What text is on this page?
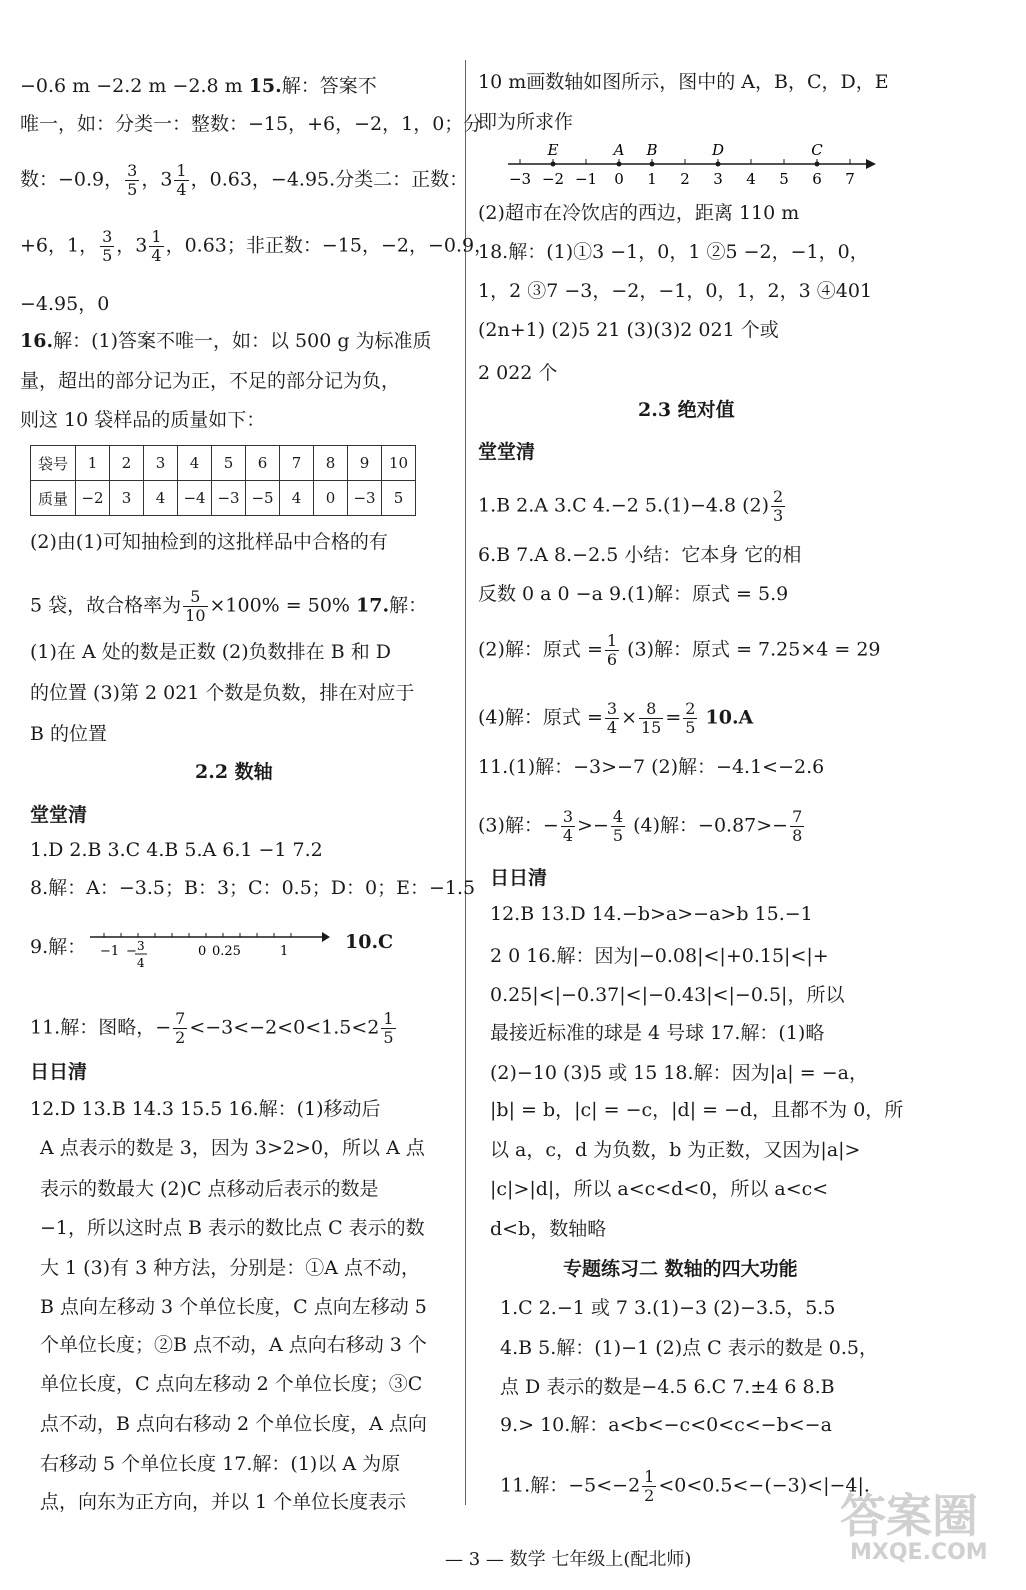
−0.6 m −2.2 m −2.8 m 15.解：答案不
唯一，如：分类一：整数：−15，+6，−2，1，0；分
数：−0.9， $\frac{3}{5}$ ，$3 \frac{1}{4}$ ，0.63，−4.95.分类二：正数：
+6，1， $\frac{3}{5}$ ，$3 \frac{1}{4}$ ，0.63；非正数：−15，−2，−0.9，
−4.95，0
16.解：(1)答案不唯一，如：以 500 g 为标准质
量，超出的部分记为正，不足的部分记为负，
则这 10 袋样品的质量如下：
袋号	1	2	3	4	5	6	7	8	9	10
质量	−2	3	4	−4	−3	−5	4	0	−3	5
(2)由(1)可知抽检到的这批样品中合格的有
5 袋，故合格率为 $\frac{5}{10} \times 100\% = 50\%$ 17.解：
(1)在 A 处的数是正数 (2)负数排在 B 和 D
的位置 (3)第 2 021 个数是负数，排在对应于
B 的位置
2.2 数轴
堂堂清
1.D 2.B 3.C 4.B 5.A 6.1 −1 7.2
8.解：A：−3.5；B：3；C：0.5；D：0；E：−1.5
9.解： −1 − 3
4
0 0.25	1	10.C
11.解：图略，− $\frac{7}{2} <-3<-2<0<1.5<2 \frac{1}{5}$
日日清
12.D 13.B 14.3 15.5 16.解：(1)移动后
A 点表示的数是 3，因为 3>2>0，所以 A 点
表示的数最大 (2)C 点移动后表示的数是
−1，所以这时点 B 表示的数比点 C 表示的数
大 1 (3)有 3 种方法，分别是：①A 点不动，
B 点向左移动 3 个单位长度，C 点向左移动 5
个单位长度；②B 点不动，A 点向右移动 3 个
单位长度，C 点向左移动 2 个单位长度；③C
点不动，B 点向右移动 2 个单位长度，A 点向
右移动 5 个单位长度 17.解：(1)以 A 为原
点，向东为正方向，并以 1 个单位长度表示
10 m画数轴如图所示，图中的 A，B，C，D，E
即为所求作
−3 −2 −1 0 1 2 3 4 5 6 7
E	A B	D	C
(2)超市在冷饮店的西边，距离 110 m
18.解：(1)①3 −1，0，1 ②5 −2，−1，0，
1，2 ③7 −3，−2，−1，0，1，2，3 ④401
(2n+1) (2)5 21 (3)(3)2 021 个或
2 022 个
2.3 绝对值
堂堂清
1.B 2.A 3.C 4.−2 5.(1)−4.8 $(2) \frac{2}{3}$
6.B 7.A 8.−2.5 小结：它本身 它的相
反数 0 a 0 −a 9.(1)解：原式 = 5.9
(2)解：原式 = $\frac{1}{6} (3)$解：原式 = 7.25×4 = 29
(4)解：原式 = $\frac{3}{4} \times \frac{8}{15} = \frac{2}{5} 10.A$
11.(1)解：−3>−7 (2)解：−4.1<−2.6
(3)解：− $\frac{3}{4} >- \frac{4}{5} (4)$解：$-0.87>- \frac{7}{8}$
日日清
12.B 13.D 14.−b>a>−a>b 15.−1
2 0 16.解：因为|−0.08|<|+0.15|<|+
0.25|<|−0.37|<|−0.43|<|−0.5|，所以
最接近标准的球是 4 号球 17.解：(1)略
(2)−10 (3)5 或 15 18.解：因为|a| = −a，
|b| = b，|c| = −c，|d| = −d，且都不为 0，所
以 a，c，d 为负数，b 为正数，又因为|a|>
|c|>|d|，所以 a<c<d<0，所以 a<c<
d<b，数轴略
专题练习二 数轴的四大功能
1.C 2.−1 或 7 3.(1)−3 (2)−3.5，5.5
4.B 5.解：(1)−1 (2)点 C 表示的数是 0.5，
点 D 表示的数是−4.5 6.C 7.±4 6 8.B
9.> 10.解：a<b<−c<0<c<−b<−a
11.解：$-5<-2 \frac{1}{2} <0<0.5<-(-3)<|-4|$.
— 3 — 数学 七年级上(配北师)
答案圈
MXQE.COM
